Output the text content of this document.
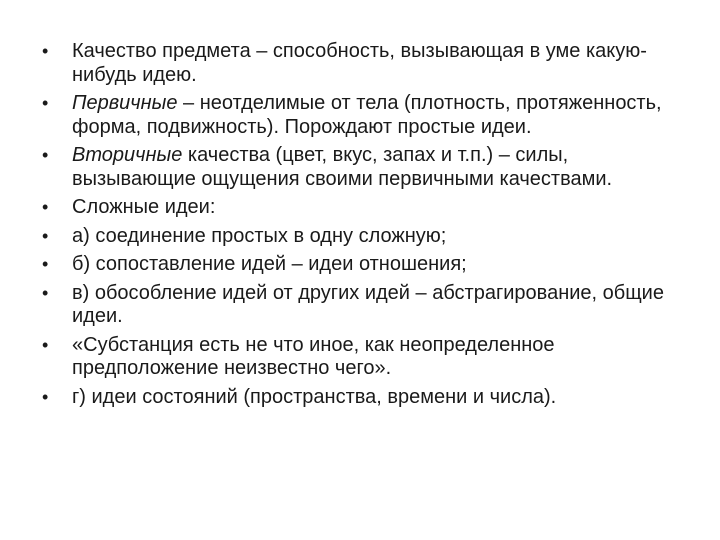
• Качество предмета – способность, вызывающая в уме какую-нибудь идею.
• Первичные – неотделимые от тела (плотность, протяженность, форма, подвижность). Порождают простые идеи.
• Вторичные качества (цвет, вкус, запах и т.п.) – силы, вызывающие ощущения своими первичными качествами.
• Сложные идеи:
• а) соединение простых в одну сложную;
• б) сопоставление идей – идеи отношения;
• в) обособление идей от других идей – абстрагирование, общие идеи.
• «Субстанция есть не что иное, как неопределенное предположение неизвестно чего».
• г) идеи состояний (пространства, времени и числа).
